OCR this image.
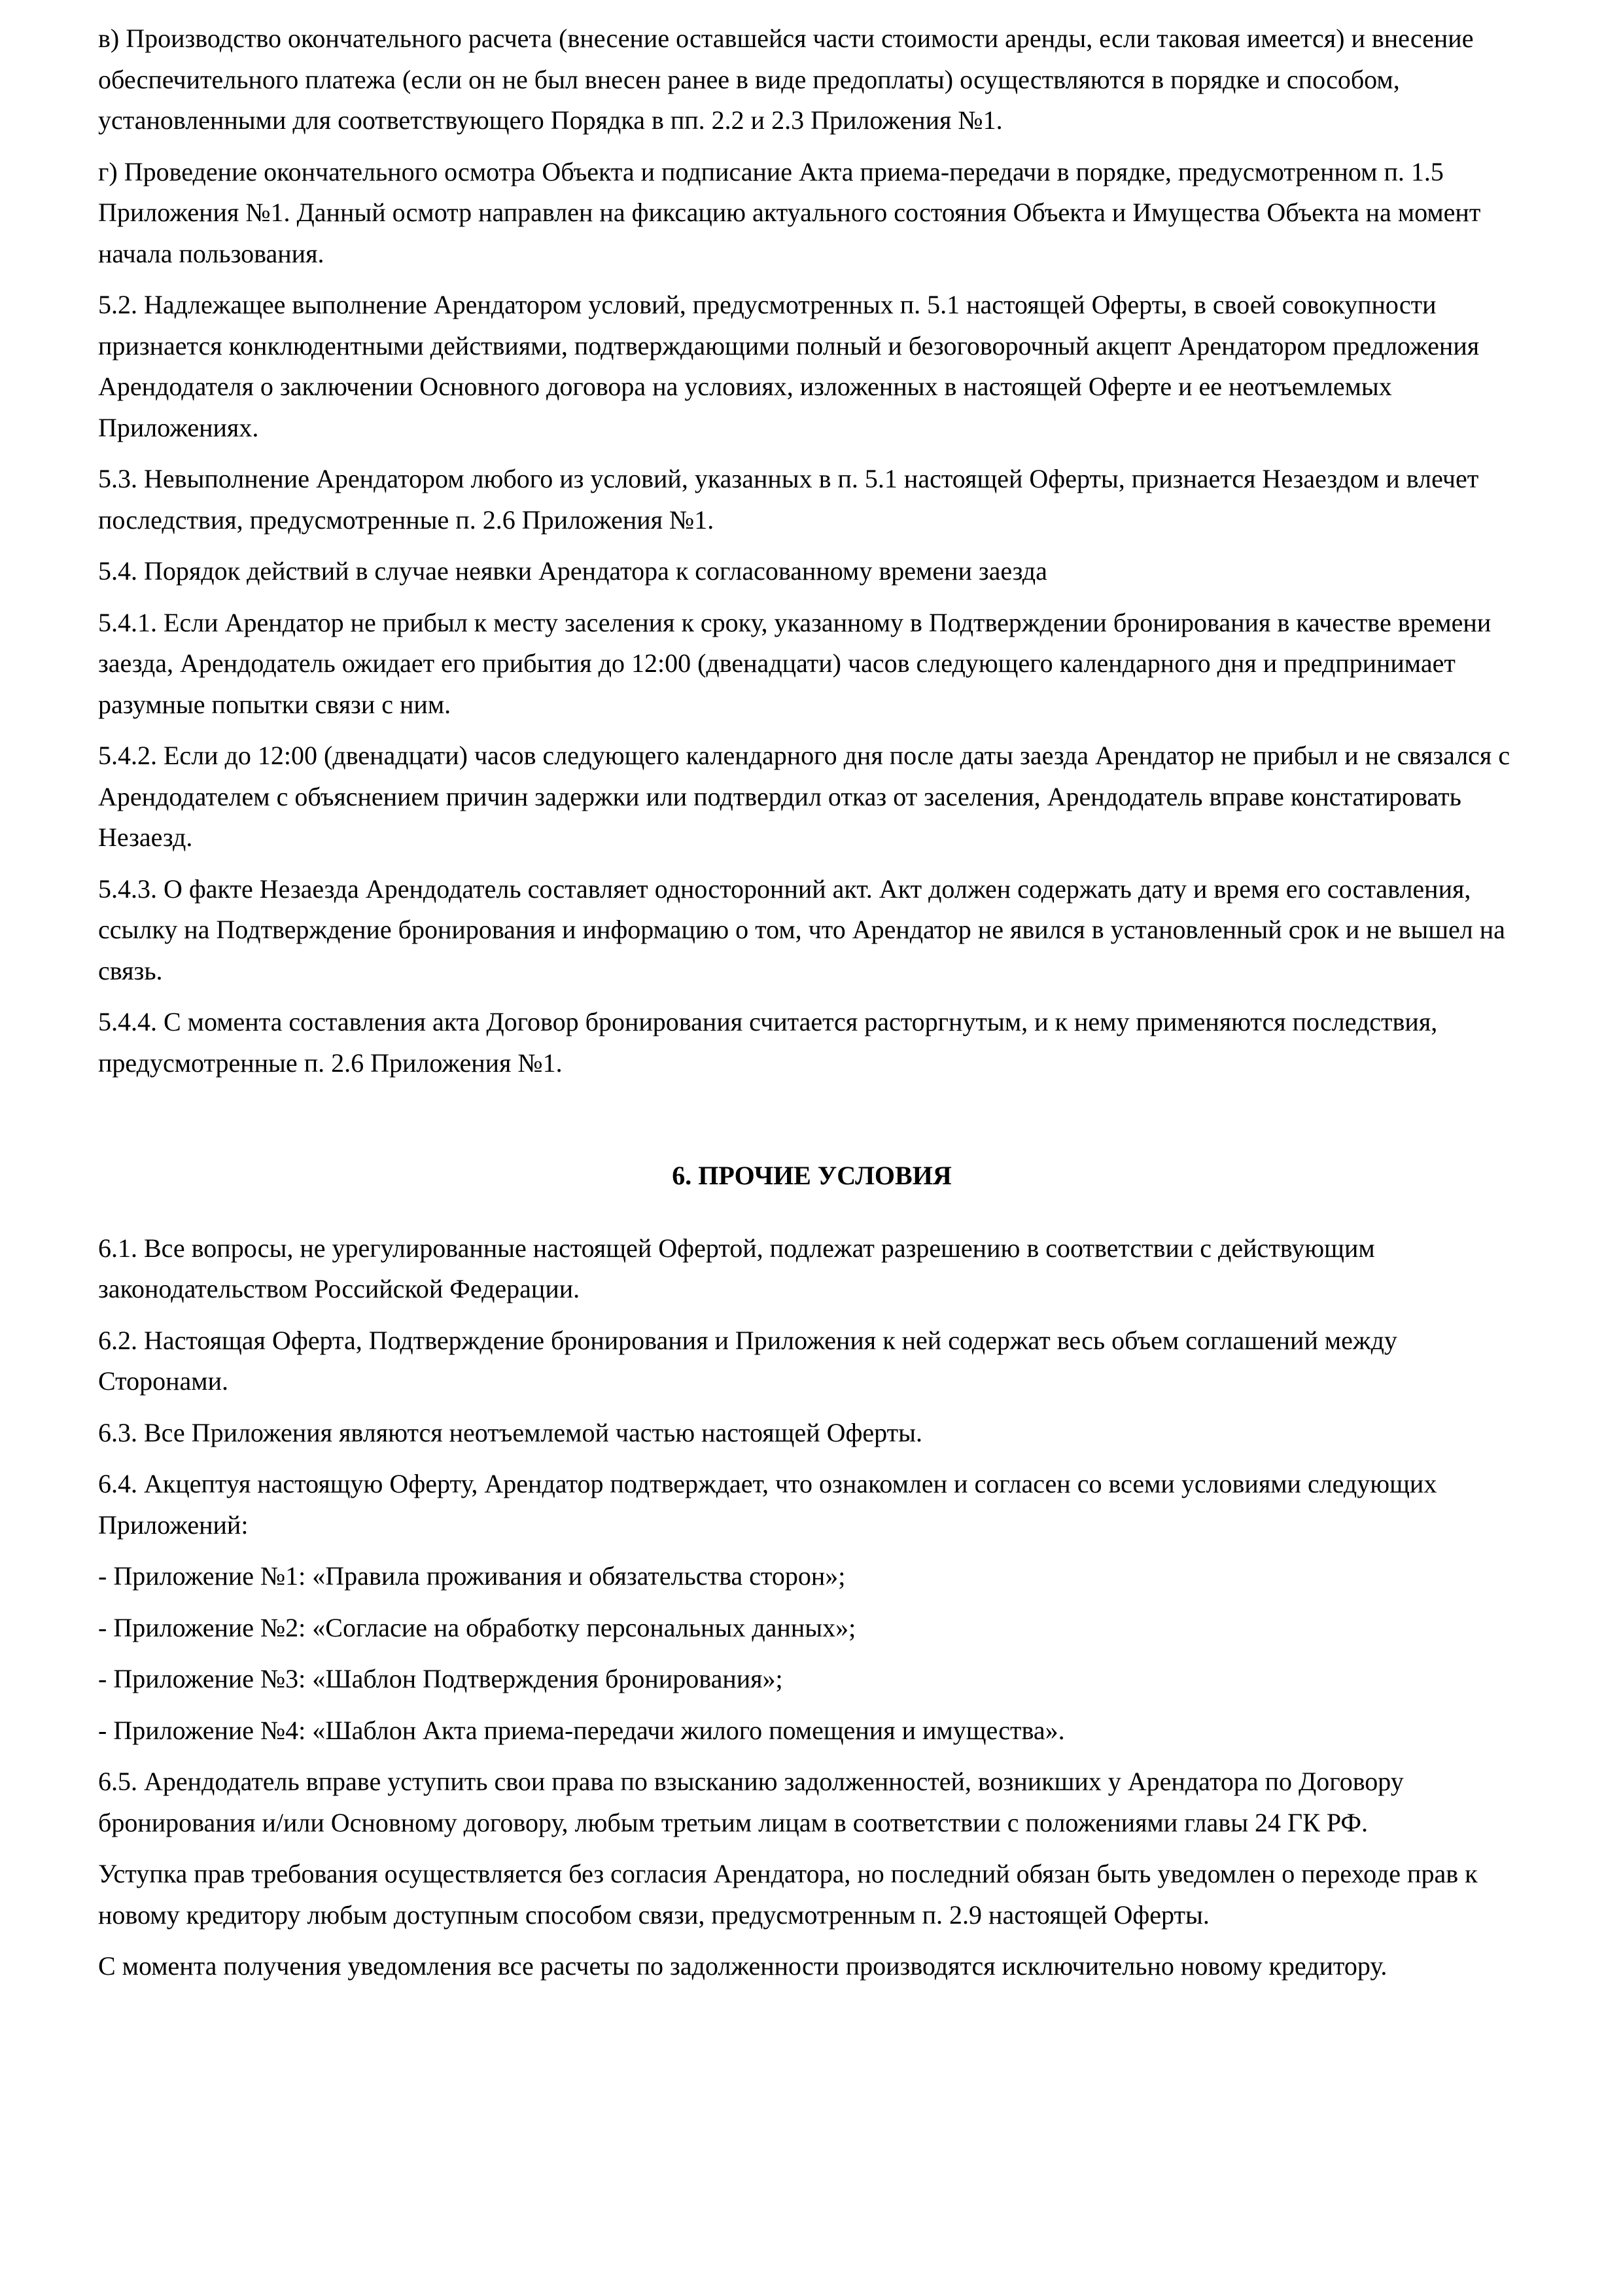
в) Производство окончательного расчета (внесение оставшейся части стоимости аренды, если таковая имеется) и внесение обеспечительного платежа (если он не был внесен ранее в виде предоплаты) осуществляются в порядке и способом, установленными для соответствующего Порядка в пп. 2.2 и 2.3 Приложения №1.

г) Проведение окончательного осмотра Объекта и подписание Акта приема-передачи в порядке, предусмотренном п. 1.5 Приложения №1. Данный осмотр направлен на фиксацию актуального состояния Объекта и Имущества Объекта на момент начала пользования.

5.2. Надлежащее выполнение Арендатором условий, предусмотренных п. 5.1 настоящей Оферты, в своей совокупности признается конклюдентными действиями, подтверждающими полный и безоговорочный акцепт Арендатором предложения Арендодателя о заключении Основного договора на условиях, изложенных в настоящей Оферте и ее неотъемлемых Приложениях.

5.3. Невыполнение Арендатором любого из условий, указанных в п. 5.1 настоящей Оферты, признается Незаездом и влечет последствия, предусмотренные п. 2.6 Приложения №1.

5.4. Порядок действий в случае неявки Арендатора к согласованному времени заезда

5.4.1. Если Арендатор не прибыл к месту заселения к сроку, указанному в Подтверждении бронирования в качестве времени заезда, Арендодатель ожидает его прибытия до 12:00 (двенадцати) часов следующего календарного дня и предпринимает разумные попытки связи с ним.

5.4.2. Если до 12:00 (двенадцати) часов следующего календарного дня после даты заезда Арендатор не прибыл и не связался с Арендодателем с объяснением причин задержки или подтвердил отказ от заселения, Арендодатель вправе констатировать Незаезд.

5.4.3. О факте Незаезда Арендодатель составляет односторонний акт. Акт должен содержать дату и время его составления, ссылку на Подтверждение бронирования и информацию о том, что Арендатор не явился в установленный срок и не вышел на связь.

5.4.4. С момента составления акта Договор бронирования считается расторгнутым, и к нему применяются последствия, предусмотренные п. 2.6 Приложения №1.

6. ПРОЧИЕ УСЛОВИЯ

6.1. Все вопросы, не урегулированные настоящей Офертой, подлежат разрешению в соответствии с действующим законодательством Российской Федерации.

6.2. Настоящая Оферта, Подтверждение бронирования и Приложения к ней содержат весь объем соглашений между Сторонами.

6.3. Все Приложения являются неотъемлемой частью настоящей Оферты.

6.4. Акцептуя настоящую Оферту, Арендатор подтверждает, что ознакомлен и согласен со всеми условиями следующих Приложений:

- Приложение №1: «Правила проживания и обязательства сторон»;

- Приложение №2: «Согласие на обработку персональных данных»;

- Приложение №3: «Шаблон Подтверждения бронирования»;

- Приложение №4: «Шаблон Акта приема-передачи жилого помещения и имущества».

6.5. Арендодатель вправе уступить свои права по взысканию задолженностей, возникших у Арендатора по Договору бронирования и/или Основному договору, любым третьим лицам в соответствии с положениями главы 24 ГК РФ.

Уступка прав требования осуществляется без согласия Арендатора, но последний обязан быть уведомлен о переходе прав к новому кредитору любым доступным способом связи, предусмотренным п. 2.9 настоящей Оферты.

С момента получения уведомления все расчеты по задолженности производятся исключительно новому кредитору.
